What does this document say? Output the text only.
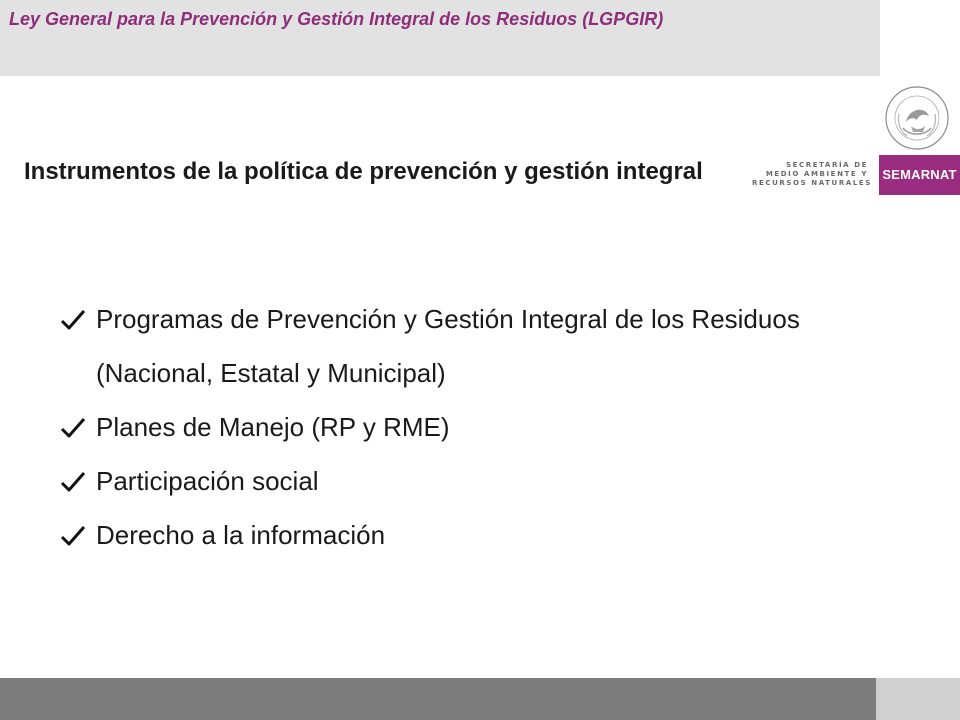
Ley General para la Prevención y Gestión Integral de los Residuos (LGPGIR)
SECRETARÍA DE
MEDIO AMBIENTE Y
RECURSOS NATURALES
SEMARNAT
Instrumentos de la política de prevención y gestión integral
Programas de Prevención y Gestión Integral de los Residuos (Nacional, Estatal y Municipal)
Planes de Manejo (RP y RME)
Participación social
Derecho a la información
